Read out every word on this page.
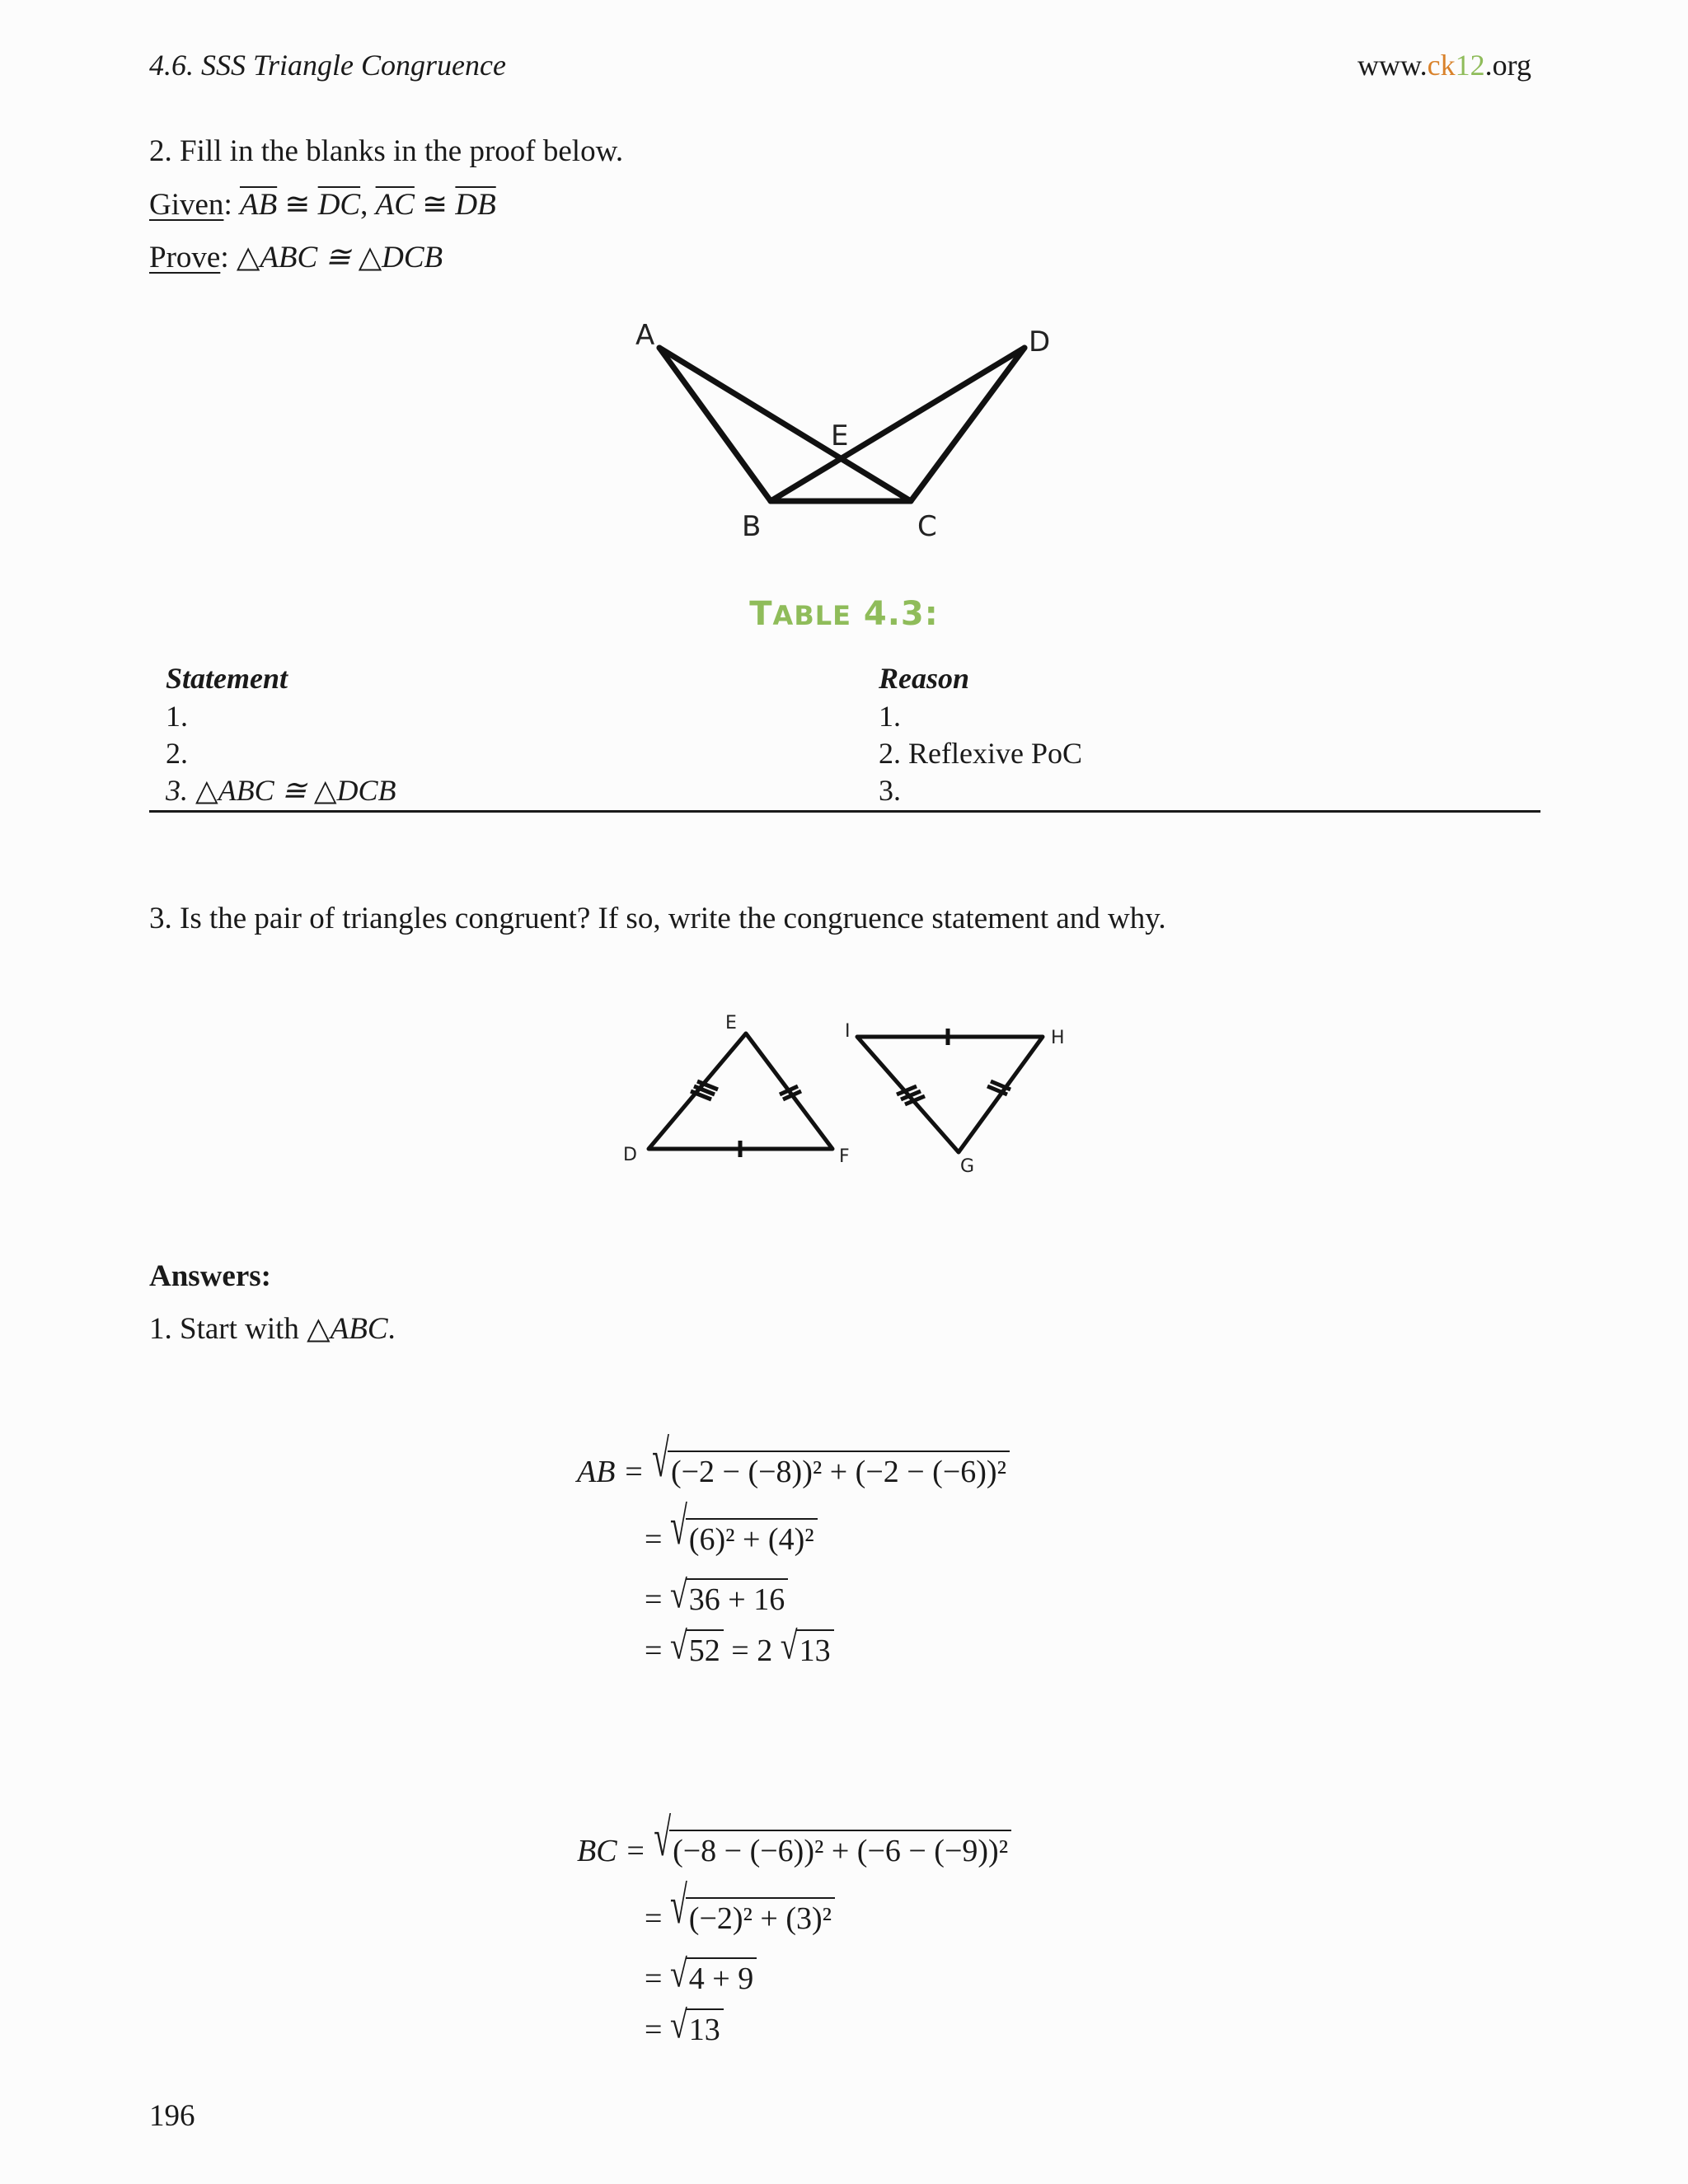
4.6. SSS Triangle Congruence	www.ck12.org
2. Fill in the blanks in the proof below.
Given: $\overline{AB}$ ≅ $\overline{DC}$, $\overline{AC}$ ≅ $\overline{DB}$
Prove: △ABC ≅ △DCB
A	D
E
B	C
TABLE 4.3:
Statement	Reason
1.	1.
2.	2. Reflexive PoC
3. △ABC ≅ △DCB	3.
3. Is the pair of triangles congruent? If so, write the congruence statement and why.
E
D	F
I	H
G
Answers:
1. Start with △ABC.
AB = √(−2 − (−8))² + (−2 − (−6))²
= √(6)² + (4)²
= √36 + 16
= √52 = 2 √13
BC = √(−8 − (−6))² + (−6 − (−9))²
= √(−2)² + (3)²
= √4 + 9
= √13
196
